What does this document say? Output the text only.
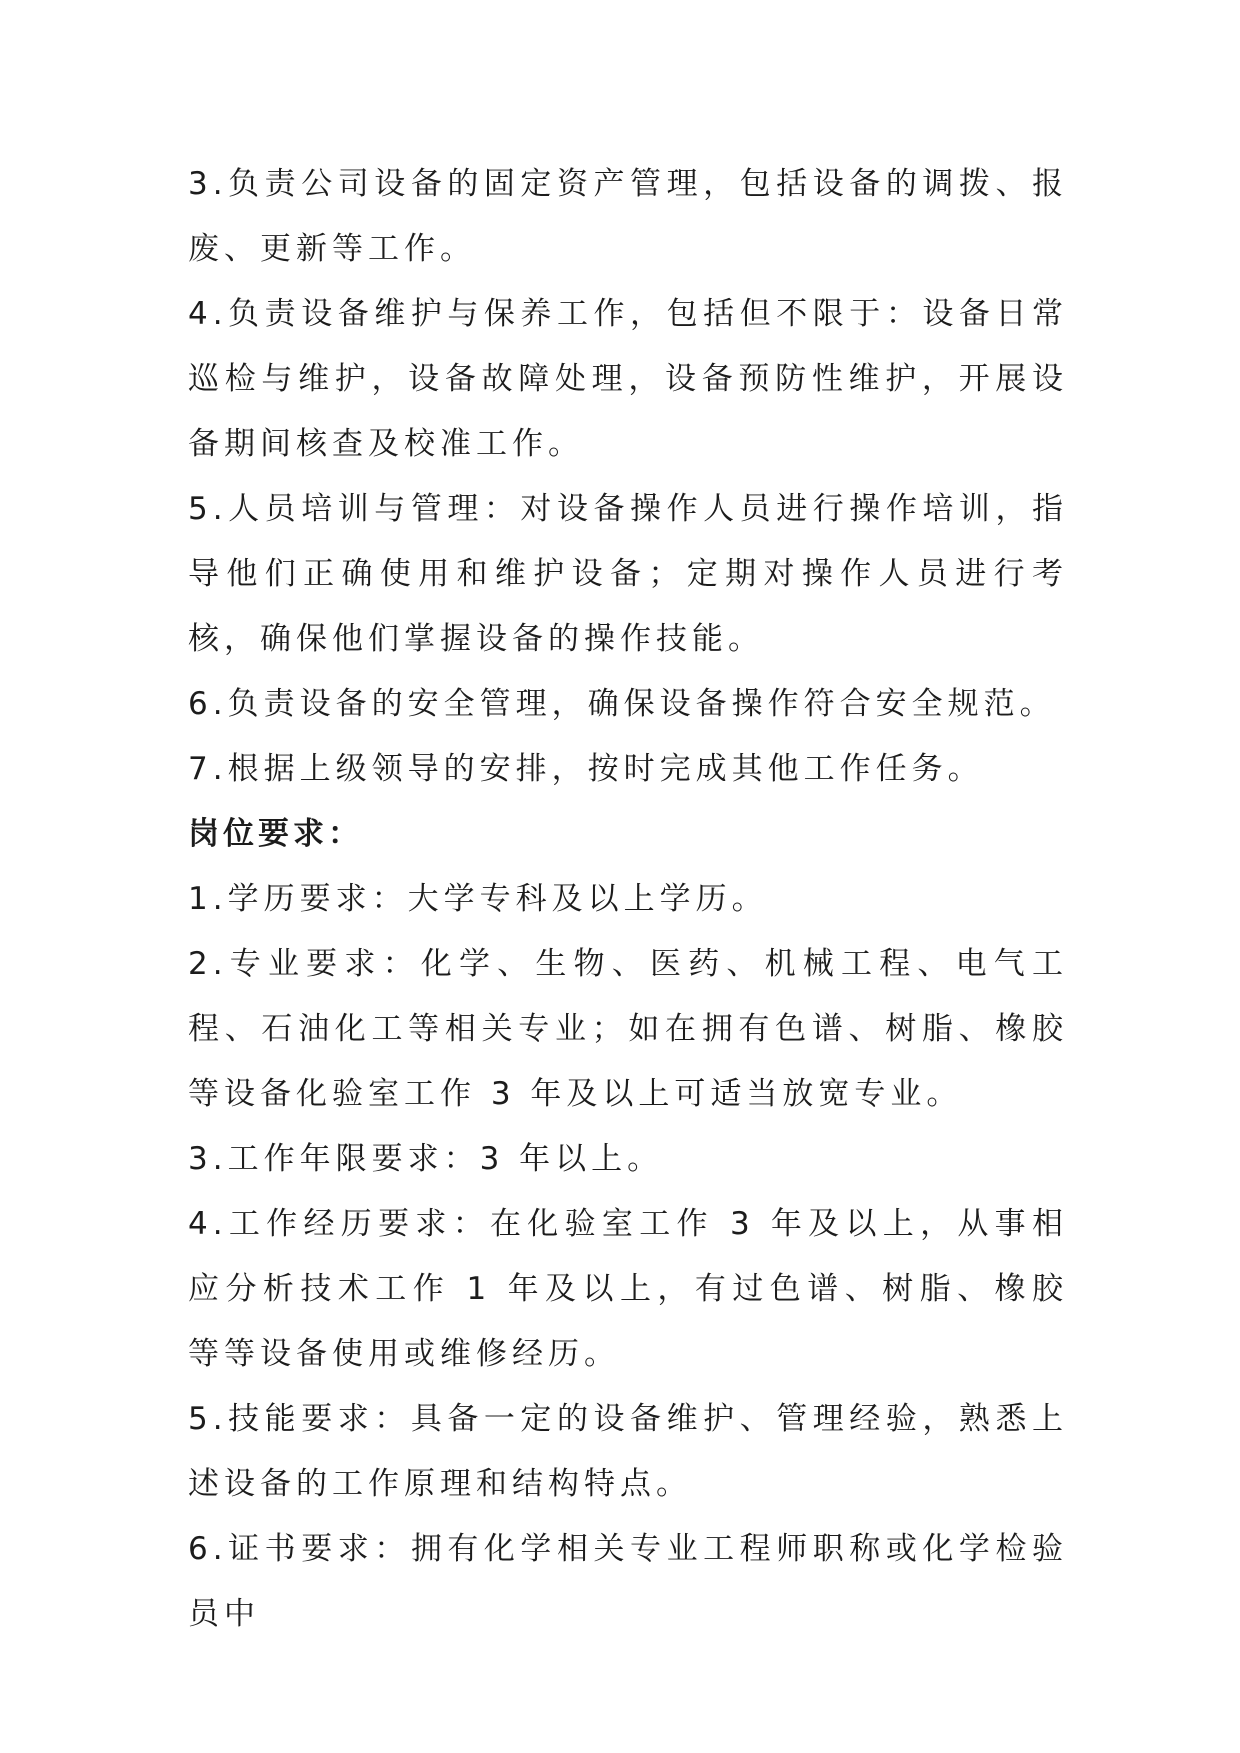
3.负责公司设备的固定资产管理，包括设备的调拨、报废、更新等工作。

4.负责设备维护与保养工作，包括但不限于：设备日常巡检与维护，设备故障处理，设备预防性维护，开展设备期间核查及校准工作。

5.人员培训与管理：对设备操作人员进行操作培训，指导他们正确使用和维护设备；定期对操作人员进行考核，确保他们掌握设备的操作技能。

6.负责设备的安全管理，确保设备操作符合安全规范。

7.根据上级领导的安排，按时完成其他工作任务。

岗位要求：

1.学历要求：大学专科及以上学历。

2.专业要求：化学、生物、医药、机械工程、电气工程、石油化工等相关专业；如在拥有色谱、树脂、橡胶等设备化验室工作 3 年及以上可适当放宽专业。

3.工作年限要求：3 年以上。

4.工作经历要求：在化验室工作 3 年及以上，从事相应分析技术工作 1 年及以上，有过色谱、树脂、橡胶等等设备使用或维修经历。

5.技能要求：具备一定的设备维护、管理经验，熟悉上述设备的工作原理和结构特点。

6.证书要求：拥有化学相关专业工程师职称或化学检验员中
